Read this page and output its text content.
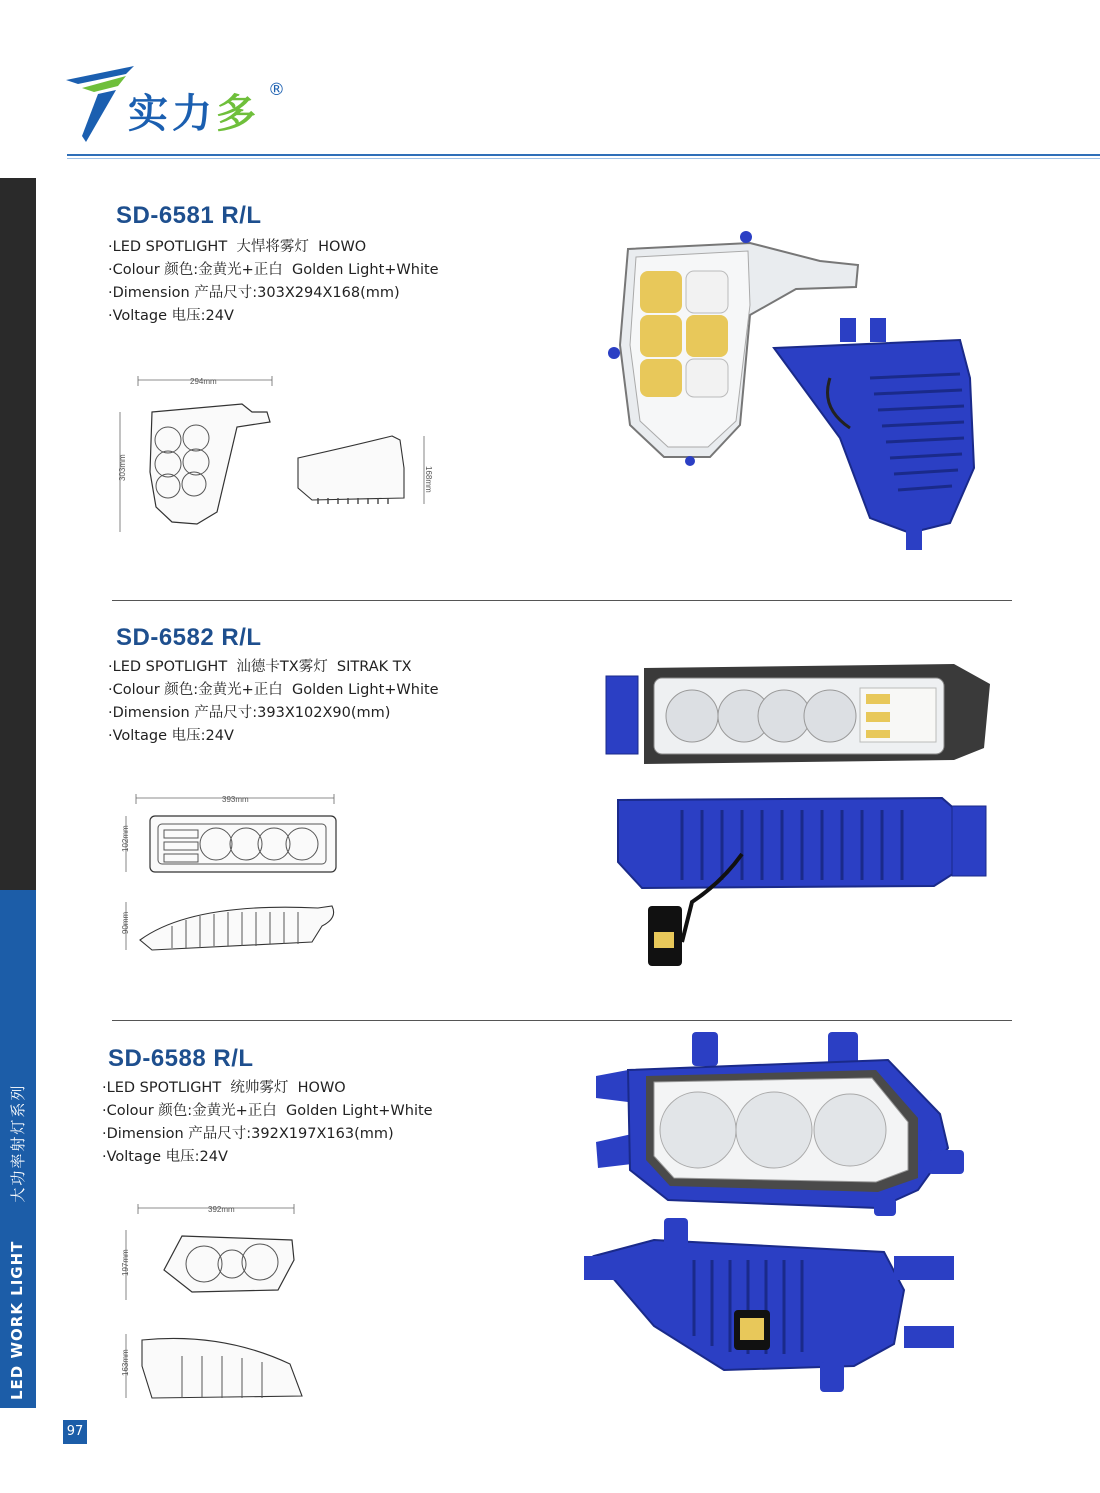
实力多
®
LED WORK LIGHT
大功率射灯系列
97
SD-6581 R/L
·LED SPOTLIGHT  大悍将雾灯  HOWO
·Colour 颜色:金黄光+正白  Golden Light+White
·Dimension 产品尺寸:303X294X168(mm)
·Voltage 电压:24V
294mm
303mm	168mm
SD-6582 R/L
·LED SPOTLIGHT  汕德卡TX雾灯  SITRAK TX
·Colour 颜色:金黄光+正白  Golden Light+White
·Dimension 产品尺寸:393X102X90(mm)
·Voltage 电压:24V
393mm
102mm
90mm
SD-6588 R/L
·LED SPOTLIGHT  统帅雾灯  HOWO
·Colour 颜色:金黄光+正白  Golden Light+White
·Dimension 产品尺寸:392X197X163(mm)
·Voltage 电压:24V
392mm
197mm
163mm
